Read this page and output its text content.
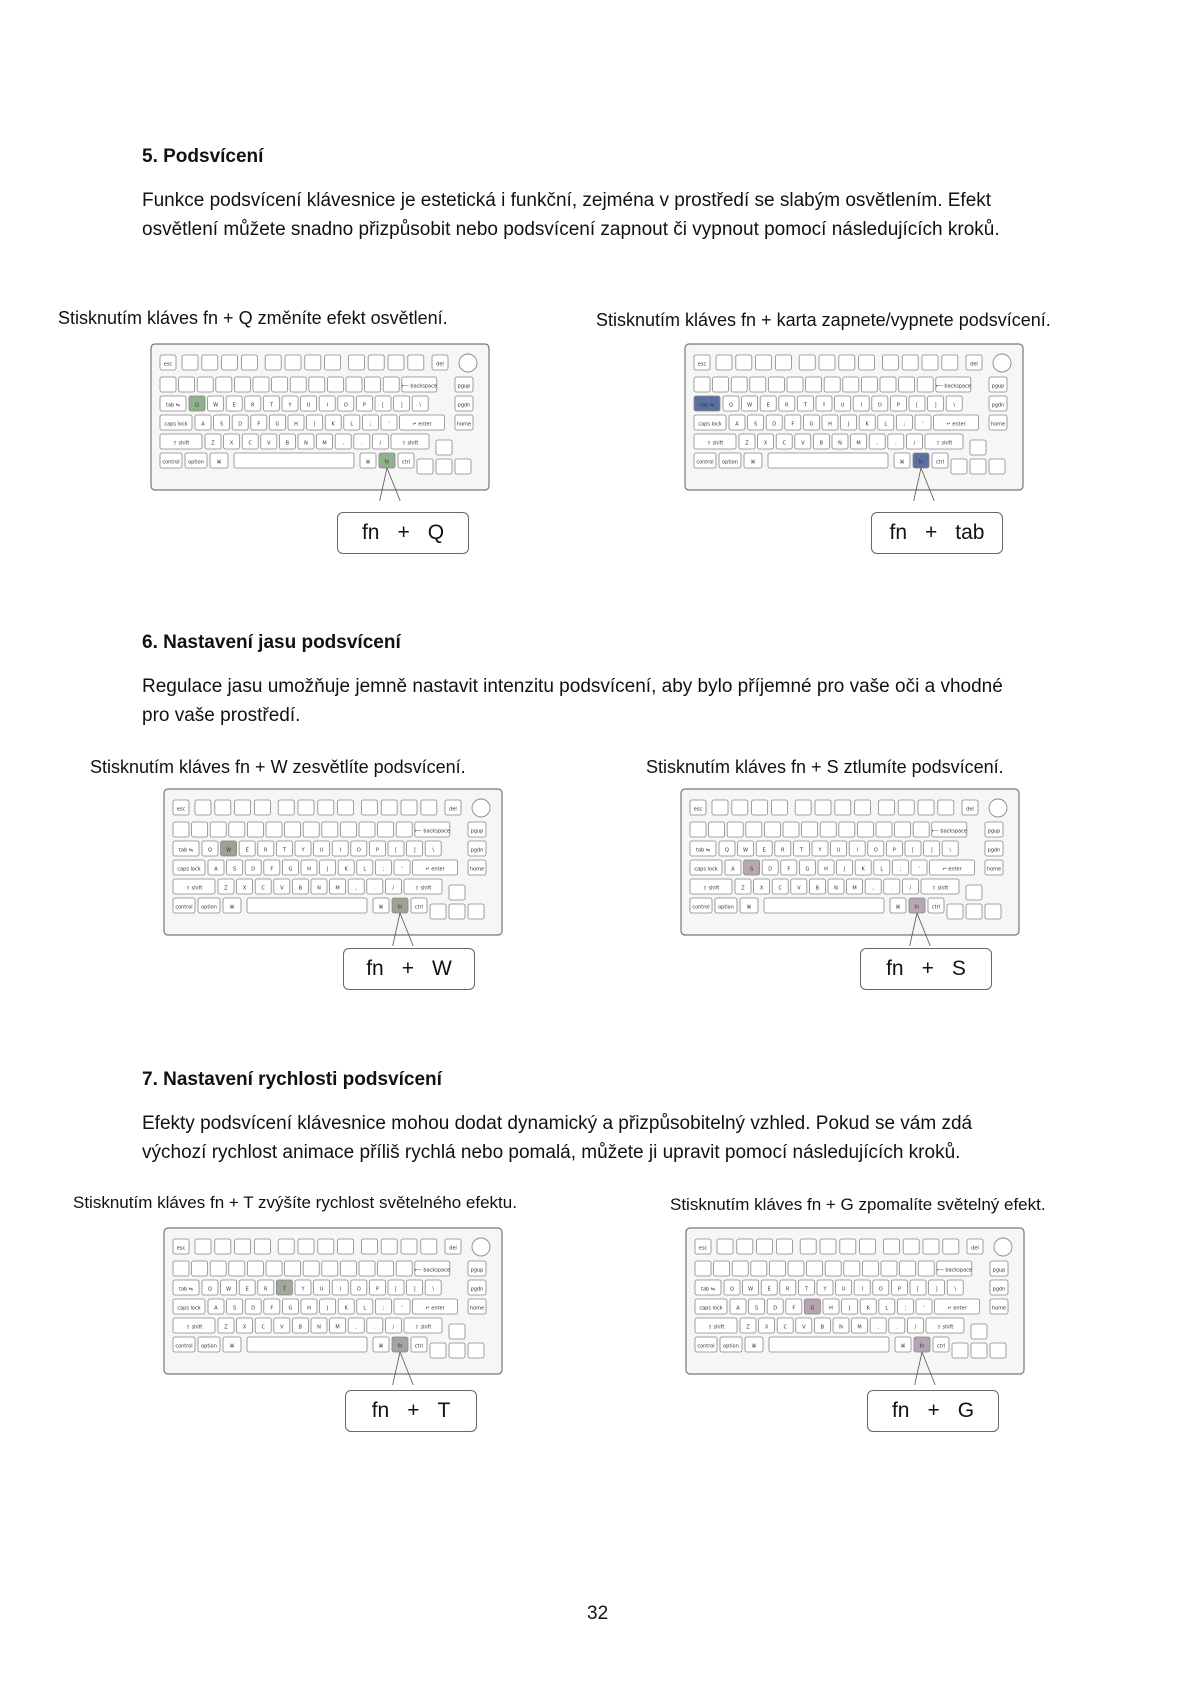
5. Podsvícení
Funkce podsvícení klávesnice je estetická i funkční, zejména v prostředí se slabým osvětlením. Efekt osvětlení můžete snadno přizpůsobit nebo podsvícení zapnout či vypnout pomocí následujících kroků.
Stisknutím kláves fn + Q změníte efekt osvětlení.	Stisknutím kláves fn + karta zapnete/vypnete podsvícení.
esc	del
⟵ backspace	pgup
tab ⇆	Q	W	E	R	T	Y	U	I	O	P	[	]	\	pgdn
caps lock	A	S	D	F	G	H	J	K	L	;	'	↵ enter	home
⇧ shift	Z	X	C	V	B	N	M	,	.	/	⇧ shift
control option	⌘	⌘	fn ctrl
esc	del
⟵ backspace	pgup
tab ⇆	Q	W	E	R	T	Y	U	I	O	P	[	]	\	pgdn
caps lock	A	S	D	F	G	H	J	K	L	;	'	↵ enter	home
⇧ shift	Z	X	C	V	B	N	M	,	.	/	⇧ shift
control option	⌘	⌘	fn ctrl
fn + Q	fn + tab
6. Nastavení jasu podsvícení
Regulace jasu umožňuje jemně nastavit intenzitu podsvícení, aby bylo příjemné pro vaše oči a vhodné pro vaše prostředí.
Stisknutím kláves fn + W zesvětlíte podsvícení.	Stisknutím kláves fn + S ztlumíte podsvícení.
esc	del
⟵ backspace	pgup
tab ⇆	Q	W	E	R	T	Y	U	I	O	P	[	]	\	pgdn
caps lock	A	S	D	F	G	H	J	K	L	;	'	↵ enter	home
⇧ shift	Z	X	C	V	B	N	M	,	.	/	⇧ shift
control option	⌘	⌘	fn ctrl
esc	del
⟵ backspace	pgup
tab ⇆	Q	W	E	R	T	Y	U	I	O	P	[	]	\	pgdn
caps lock	A	S	D	F	G	H	J	K	L	;	'	↵ enter	home
⇧ shift	Z	X	C	V	B	N	M	,	.	/	⇧ shift
control option	⌘	⌘	fn ctrl
fn + W	fn + S
7. Nastavení rychlosti podsvícení
Efekty podsvícení klávesnice mohou dodat dynamický a přizpůsobitelný vzhled. Pokud se vám zdá výchozí rychlost animace příliš rychlá nebo pomalá, můžete ji upravit pomocí následujících kroků.
Stisknutím kláves fn + T zvýšíte rychlost světelného efektu.	Stisknutím kláves fn + G zpomalíte světelný efekt.
esc	del
⟵ backspace	pgup
tab ⇆	Q	W	E	R	T	Y	U	I	O	P	[	]	\	pgdn
caps lock	A	S	D	F	G	H	J	K	L	;	'	↵ enter	home
⇧ shift	Z	X	C	V	B	N	M	,	.	/	⇧ shift
control option	⌘	⌘	fn ctrl
esc	del
⟵ backspace	pgup
tab ⇆	Q	W	E	R	T	Y	U	I	O	P	[	]	\	pgdn
caps lock	A	S	D	F	G	H	J	K	L	;	'	↵ enter	home
⇧ shift	Z	X	C	V	B	N	M	,	.	/	⇧ shift
control option	⌘	⌘	fn ctrl
fn + T	fn + G
32
